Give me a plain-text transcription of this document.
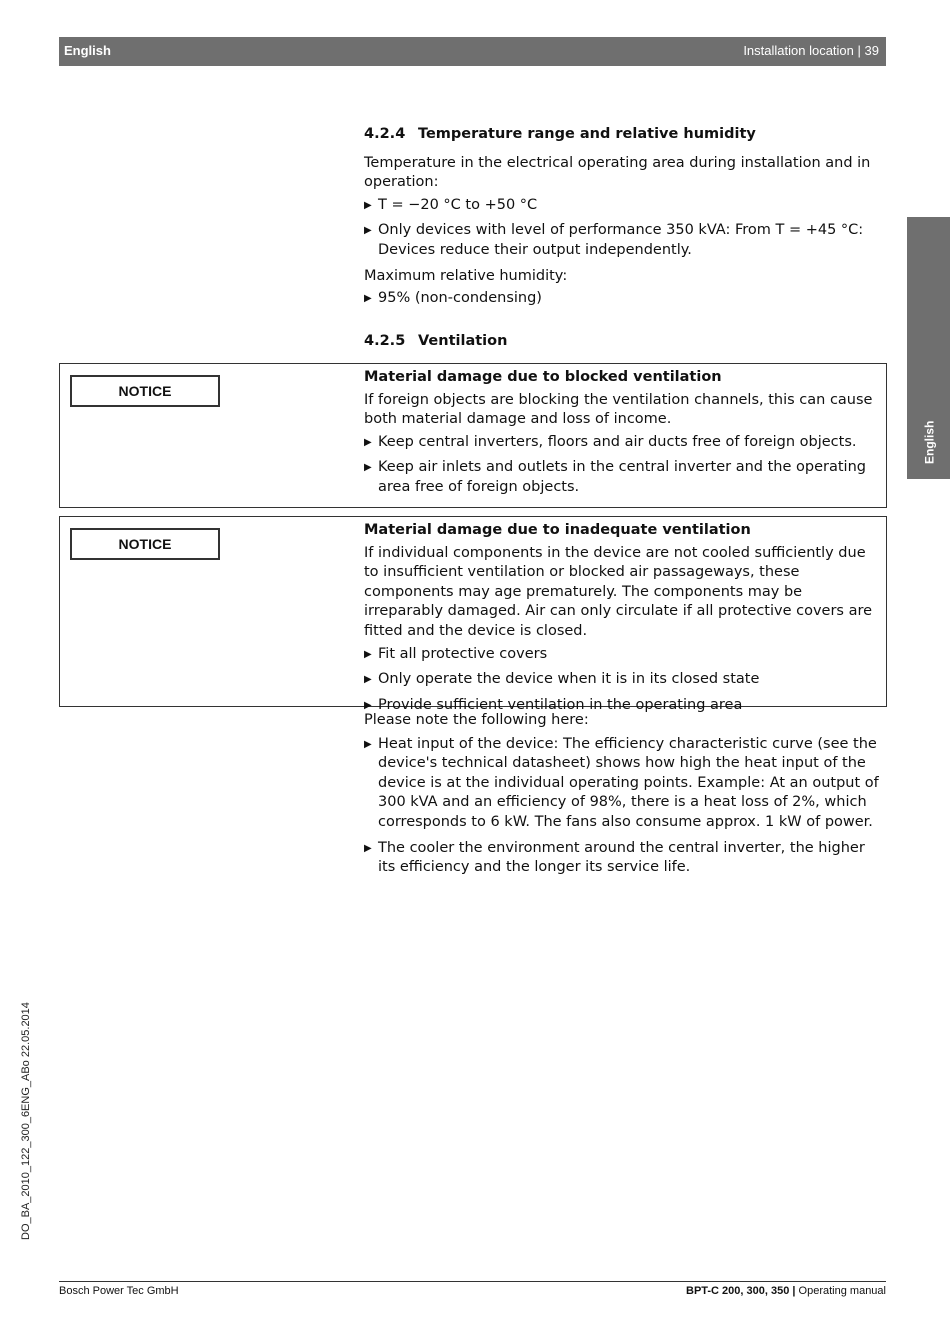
English	Installation location | 39
English
4.2.4 Temperature range and relative humidity

Temperature in the electrical operating area during installation and in operation:

▶ T = −20 °C to +50 °C
▶ Only devices with level of performance 350 kVA: From T = +45 °C: Devices reduce their output independently.

Maximum relative humidity:

▶ 95% (non-condensing)
4.2.5 Ventilation
NOTICE
Material damage due to blocked ventilation

If foreign objects are blocking the ventilation channels, this can cause both material damage and loss of income.

▶ Keep central inverters, floors and air ducts free of foreign objects.
▶ Keep air inlets and outlets in the central inverter and the operating area free of foreign objects.
NOTICE
Material damage due to inadequate ventilation

If individual components in the device are not cooled sufficiently due to insufficient ventilation or blocked air passageways, these components may age prematurely. The components may be irreparably damaged. Air can only circulate if all protective covers are fitted and the device is closed.

▶ Fit all protective covers
▶ Only operate the device when it is in its closed state
▶ Provide sufficient ventilation in the operating area

Please note the following here:

▶ Heat input of the device: The efficiency characteristic curve (see the device's technical datasheet) shows how high the heat input of the device is at the individual operating points. Example: At an output of 300 kVA and an efficiency of 98%, there is a heat loss of 2%, which corresponds to 6 kW. The fans also consume approx. 1 kW of power.
▶ The cooler the environment around the central inverter, the higher its efficiency and the longer its service life.
DO_BA_2010_122_300_6ENG_ABo 22.05.2014
Bosch Power Tec GmbH	BPT-C 200, 300, 350 | Operating manual
